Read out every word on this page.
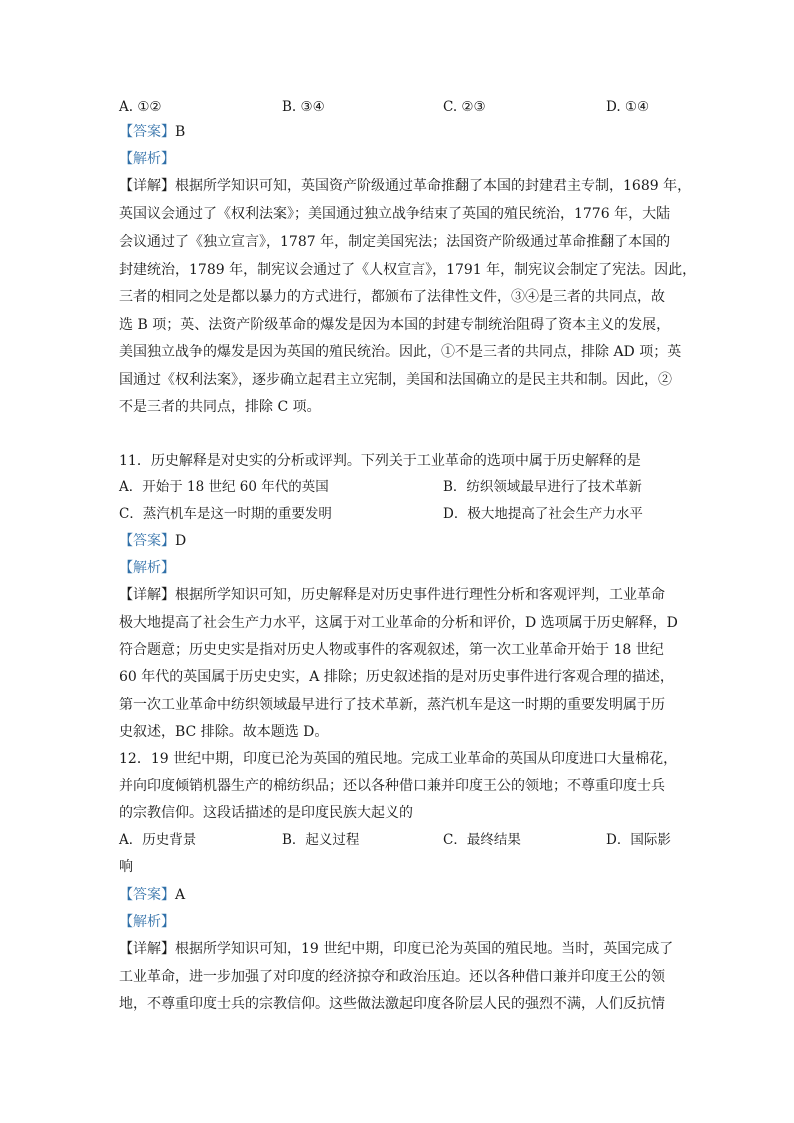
A. ①②	B. ③④	C. ②③	D. ①④
【答案】B
【解析】
【详解】根据所学知识可知，英国资产阶级通过革命推翻了本国的封建君主专制，1689 年，
英国议会通过了《权利法案》；美国通过独立战争结束了英国的殖民统治，1776 年，大陆
会议通过了《独立宣言》，1787 年，制定美国宪法；法国资产阶级通过革命推翻了本国的
封建统治，1789 年，制宪议会通过了《人权宣言》，1791 年，制宪议会制定了宪法。因此，
三者的相同之处是都以暴力的方式进行，都颁布了法律性文件，③④是三者的共同点，故
选 B 项；英、法资产阶级革命的爆发是因为本国的封建专制统治阻碍了资本主义的发展，
美国独立战争的爆发是因为英国的殖民统治。因此，①不是三者的共同点，排除 AD 项；英
国通过《权利法案》，逐步确立起君主立宪制，美国和法国确立的是民主共和制。因此，②
不是三者的共同点，排除 C 项。
11．历史解释是对史实的分析或评判。下列关于工业革命的选项中属于历史解释的是
A．开始于 18 世纪 60 年代的英国	B．纺织领域最早进行了技术革新
C．蒸汽机车是这一时期的重要发明	D．极大地提高了社会生产力水平
【答案】D
【解析】
【详解】根据所学知识可知，历史解释是对历史事件进行理性分析和客观评判，工业革命
极大地提高了社会生产力水平，这属于对工业革命的分析和评价，D 选项属于历史解释，D
符合题意；历史史实是指对历史人物或事件的客观叙述，第一次工业革命开始于 18 世纪
60 年代的英国属于历史史实，A 排除；历史叙述指的是对历史事件进行客观合理的描述，
第一次工业革命中纺织领域最早进行了技术革新，蒸汽机车是这一时期的重要发明属于历
史叙述，BC 排除。故本题选 D。
12．19 世纪中期，印度已沦为英国的殖民地。完成工业革命的英国从印度进口大量棉花，
并向印度倾销机器生产的棉纺织品；还以各种借口兼并印度王公的领地；不尊重印度士兵
的宗教信仰。这段话描述的是印度民族大起义的
A．历史背景	B．起义过程	C．最终结果	D．国际影
响
【答案】A
【解析】
【详解】根据所学知识可知，19 世纪中期，印度已沦为英国的殖民地。当时，英国完成了
工业革命，进一步加强了对印度的经济掠夺和政治压迫。还以各种借口兼并印度王公的领
地，不尊重印度士兵的宗教信仰。这些做法激起印度各阶层人民的强烈不满，人们反抗情
